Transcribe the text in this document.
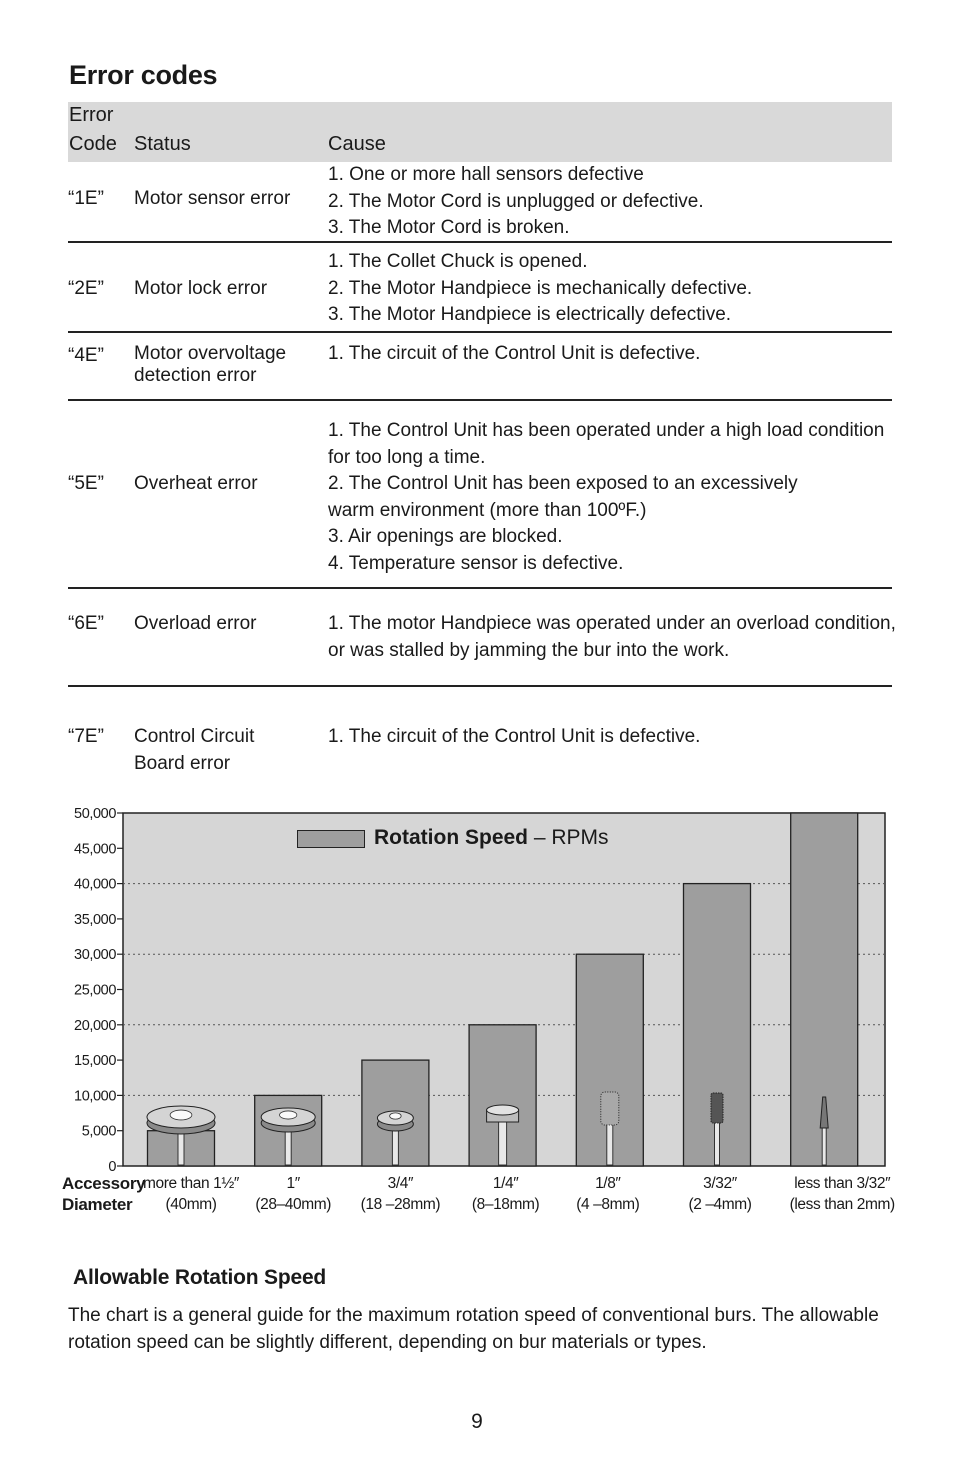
Error codes
Error
Code Status	Cause
“1E” Motor sensor error
1. One or more hall sensors defective
2. The Motor Cord is unplugged or defective.
3. The Motor Cord is broken.
“2E” Motor lock error
1. The Collet Chuck is opened.
2. The Motor Handpiece is mechanically defective.
3. The Motor Handpiece is electrically defective.
“4E” Motor overvoltage
detection error
1. The circuit of the Control Unit is defective.
“5E” Overheat error
1. The Control Unit has been operated under a high load condition
for too long a time.
2. The Control Unit has been exposed to an excessively
warm environment (more than 100ºF.)
3. Air openings are blocked.
4. Temperature sensor is defective.
“6E” Overload error	1. The motor Handpiece was operated under an overload condition,
or was stalled by jamming the bur into the work.
“7E” Control Circuit
Board error
1. The circuit of the Control Unit is defective.
0
5,000
10,000
15,000
20,000
25,000
30,000
35,000
40,000
45,000
50,000
Rotation Speed – RPMs
Accessory
Diameter
more than 1½″
(40mm)
1″
(28–40mm)
3/4″
(18 –28mm)
1/4″
(8–18mm)
1/8″
(4 –8mm)
3/32″
(2 –4mm)
less than 3/32″
(less than 2mm)
Allowable Rotation Speed
The chart is a general guide for the maximum rotation speed of conventional burs. The allowable rotation speed can be slightly different, depending on bur materials or types.
9
